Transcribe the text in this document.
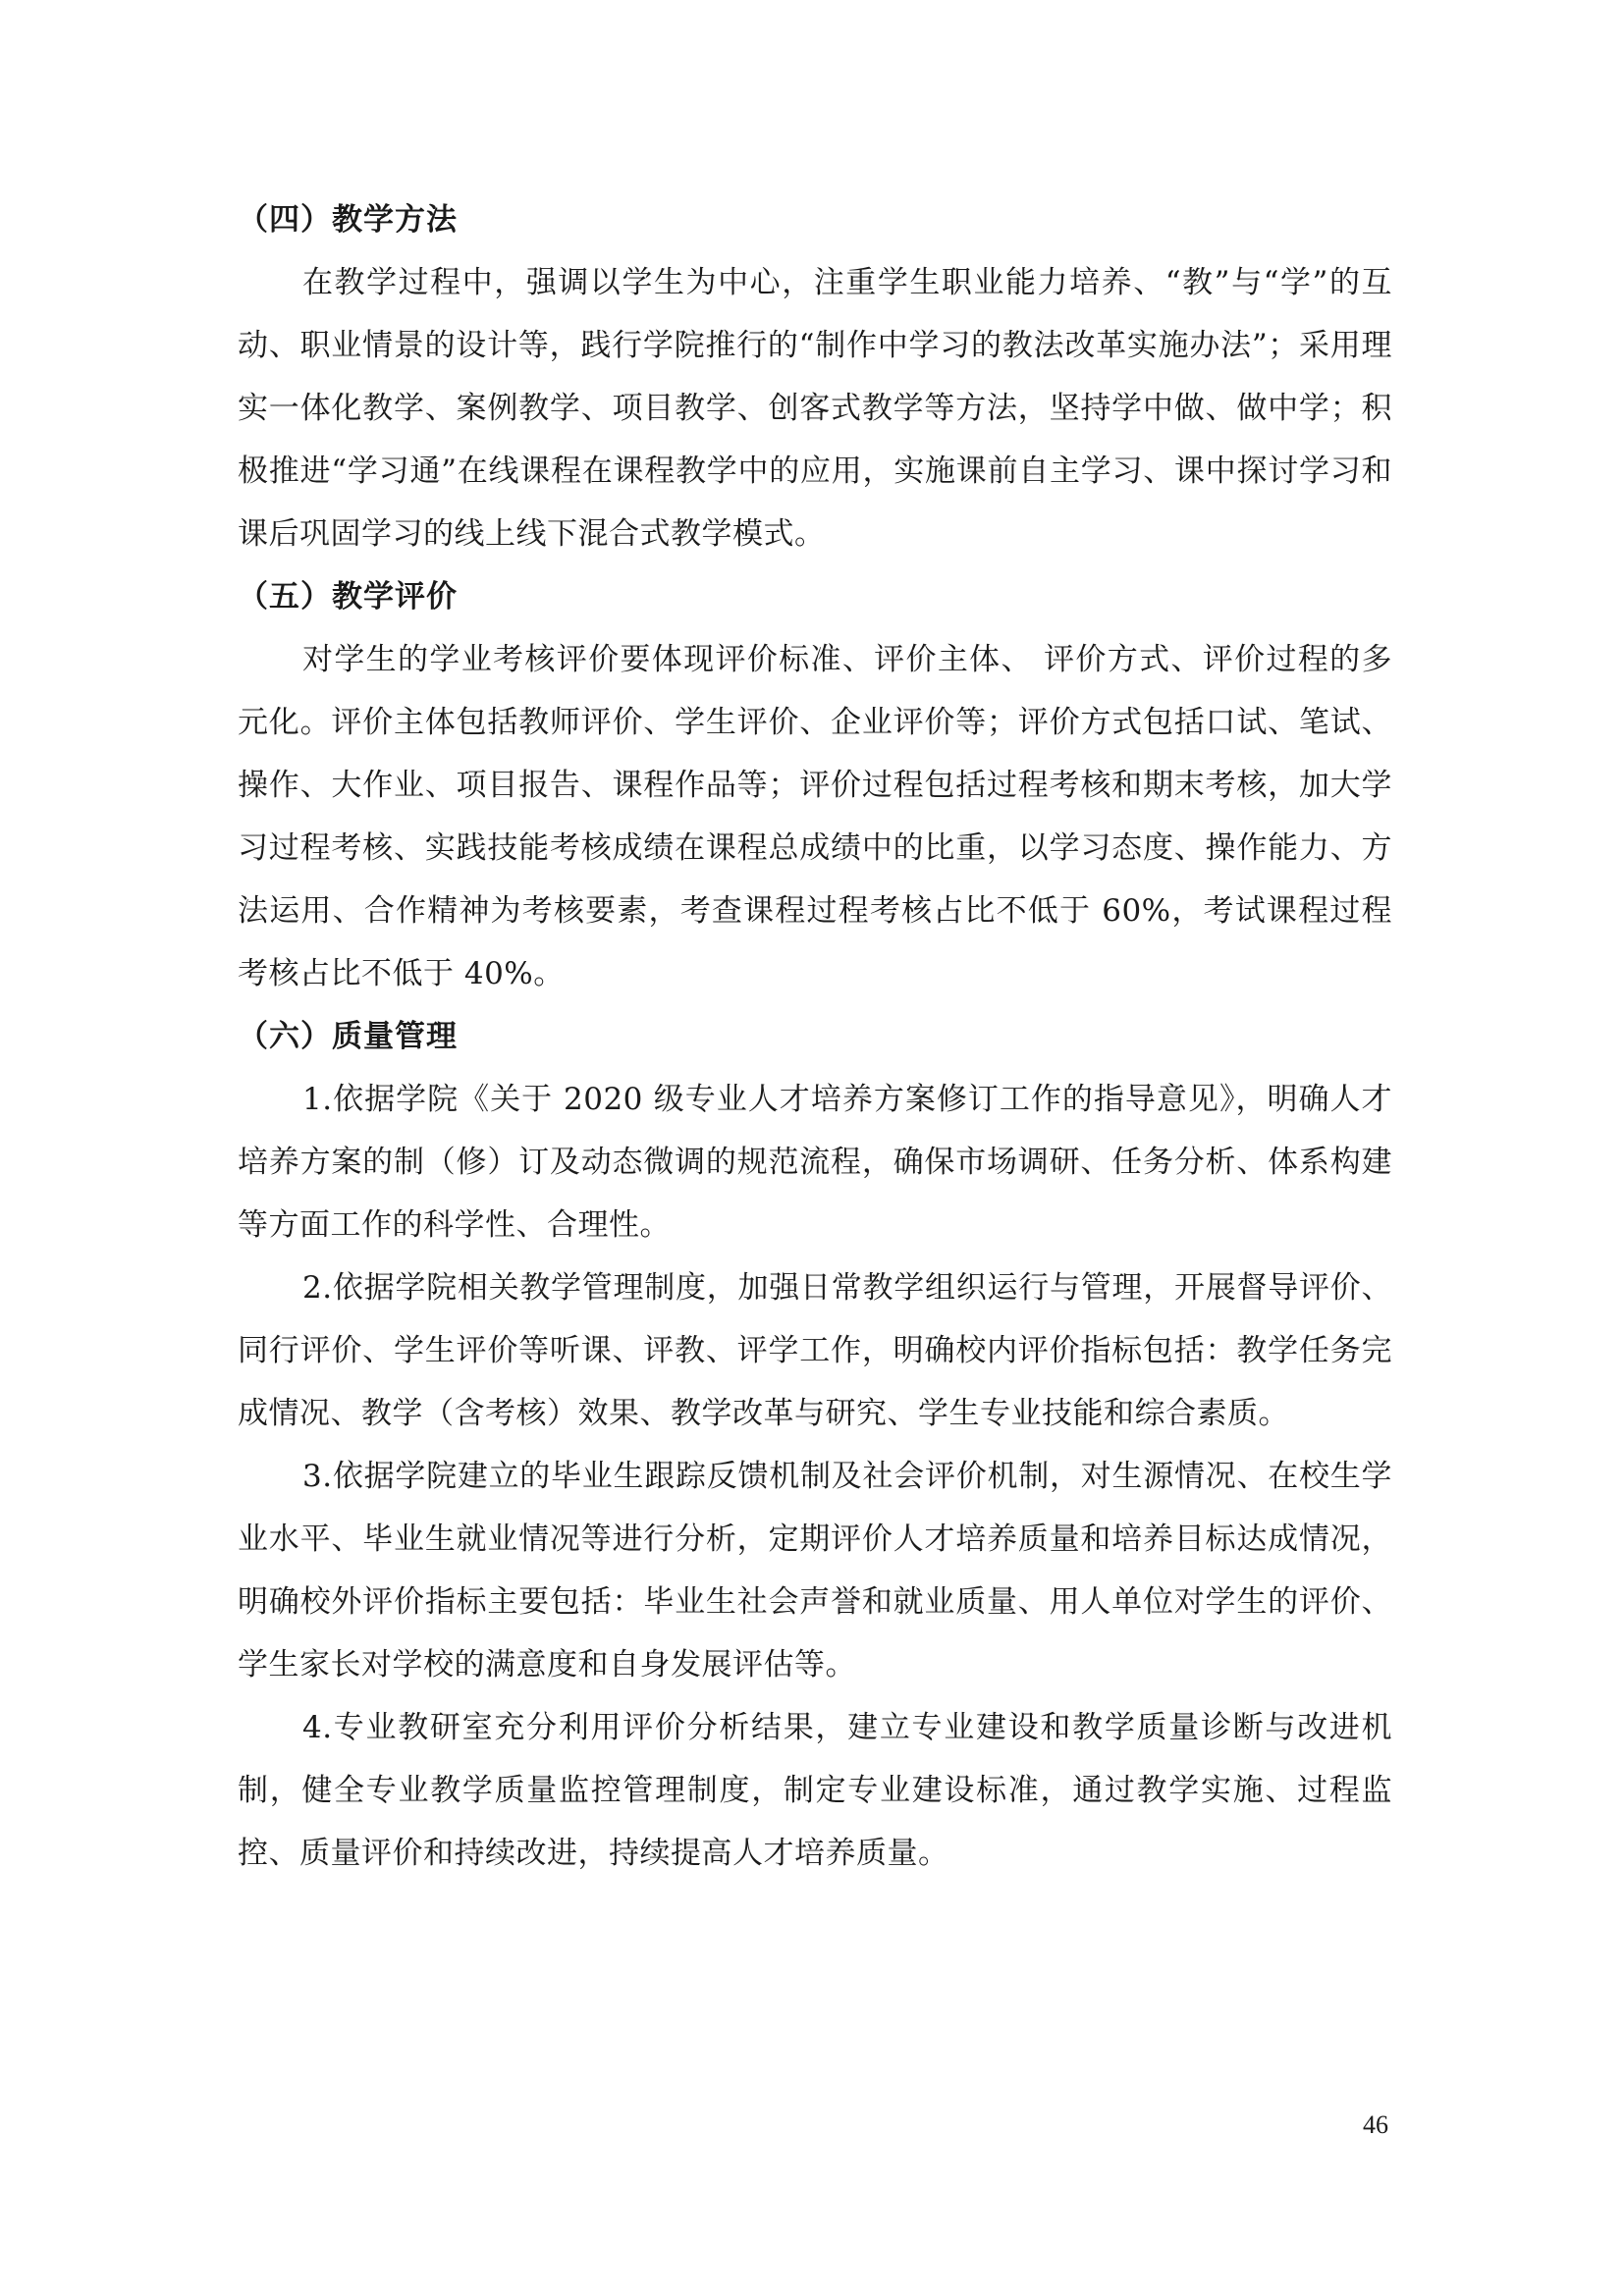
（四）教学方法

在教学过程中，强调以学生为中心，注重学生职业能力培养、“教”与“学”的互动、职业情景的设计等，践行学院推行的“制作中学习的教法改革实施办法”；采用理实一体化教学、案例教学、项目教学、创客式教学等方法，坚持学中做、做中学；积极推进“学习通”在线课程在课程教学中的应用，实施课前自主学习、课中探讨学习和课后巩固学习的线上线下混合式教学模式。

（五）教学评价

对学生的学业考核评价要体现评价标准、评价主体、 评价方式、评价过程的多元化。评价主体包括教师评价、学生评价、企业评价等；评价方式包括口试、笔试、操作、大作业、项目报告、课程作品等；评价过程包括过程考核和期末考核，加大学习过程考核、实践技能考核成绩在课程总成绩中的比重，以学习态度、操作能力、方法运用、合作精神为考核要素，考查课程过程考核占比不低于 60%，考试课程过程考核占比不低于 40%。

（六）质量管理

1.依据学院《关于 2020 级专业人才培养方案修订工作的指导意见》，明确人才培养方案的制（修）订及动态微调的规范流程，确保市场调研、任务分析、体系构建等方面工作的科学性、合理性。

2.依据学院相关教学管理制度，加强日常教学组织运行与管理，开展督导评价、同行评价、学生评价等听课、评教、评学工作，明确校内评价指标包括：教学任务完成情况、教学（含考核）效果、教学改革与研究、学生专业技能和综合素质。

3.依据学院建立的毕业生跟踪反馈机制及社会评价机制，对生源情况、在校生学业水平、毕业生就业情况等进行分析，定期评价人才培养质量和培养目标达成情况，明确校外评价指标主要包括：毕业生社会声誉和就业质量、用人单位对学生的评价、学生家长对学校的满意度和自身发展评估等。

4.专业教研室充分利用评价分析结果，建立专业建设和教学质量诊断与改进机制，健全专业教学质量监控管理制度，制定专业建设标准，通过教学实施、过程监控、质量评价和持续改进，持续提高人才培养质量。

46
